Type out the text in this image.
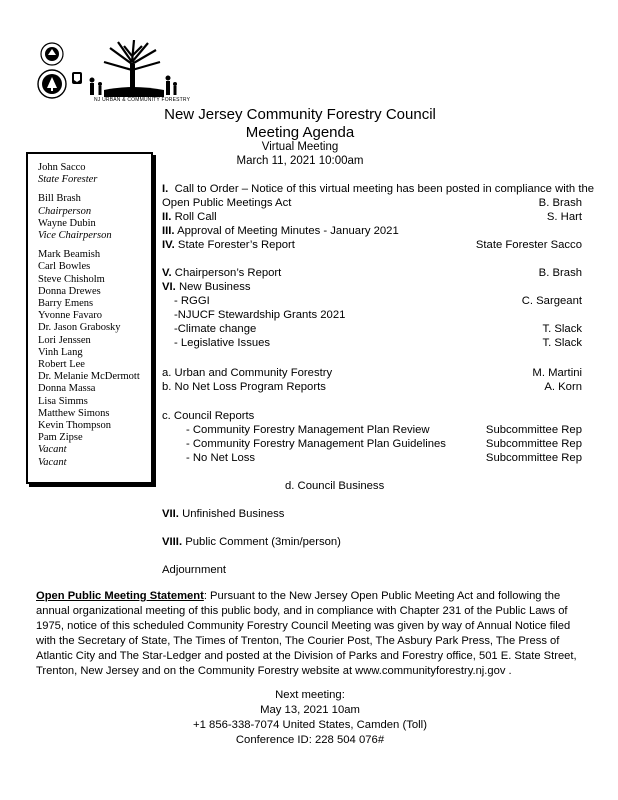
NJ URBAN & COMMUNITY FORESTRY
New Jersey Community Forestry Council
Meeting Agenda
Virtual Meeting
March 11, 2021 10:00am
John Sacco
State Forester
Bill Brash
Chairperson
Wayne Dubin
Vice Chairperson
Mark Beamish
Carl Bowles
Steve Chisholm
Donna Drewes
Barry Emens
Yvonne Favaro
Dr. Jason Grabosky
Lori Jenssen
Vinh Lang
Robert Lee
Dr. Melanie McDermott
Donna Massa
Lisa Simms
Matthew Simons
Kevin Thompson
Pam Zipse
Vacant
Vacant
I. Call to Order – Notice of this virtual meeting has been posted in compliance with the
Open Public Meetings Act	B. Brash
II. Roll Call	S. Hart
III. Approval of Meeting Minutes - January 2021
IV. State Forester’s Report	State Forester Sacco
V. Chairperson’s Report	B. Brash
VI. New Business
- RGGI	C. Sargeant
-NJUCF Stewardship Grants 2021
-Climate change	T. Slack
- Legislative Issues	T. Slack
a. Urban and Community Forestry	M. Martini
b. No Net Loss Program Reports	A. Korn
c. Council Reports
- Community Forestry Management Plan Review	Subcommittee Rep
- Community Forestry Management Plan Guidelines	Subcommittee Rep
- No Net Loss	Subcommittee Rep
d. Council Business
VII. Unfinished Business
VIII. Public Comment (3min/person)
Adjournment
Open Public Meeting Statement: Pursuant to the New Jersey Open Public Meeting Act and following the annual organizational meeting of this public body, and in compliance with Chapter 231 of the Public Laws of 1975, notice of this scheduled Community Forestry Council Meeting was given by way of Annual Notice filed with the Secretary of State, The Times of Trenton, The Courier Post, The Asbury Park Press, The Press of Atlantic City and The Star-Ledger and posted at the Division of Parks and Forestry office, 501 E. State Street, Trenton, New Jersey and on the Community Forestry website at www.communityforestry.nj.gov .
Next meeting:
May 13, 2021 10am
+1 856-338-7074 United States, Camden (Toll)
Conference ID: 228 504 076#
